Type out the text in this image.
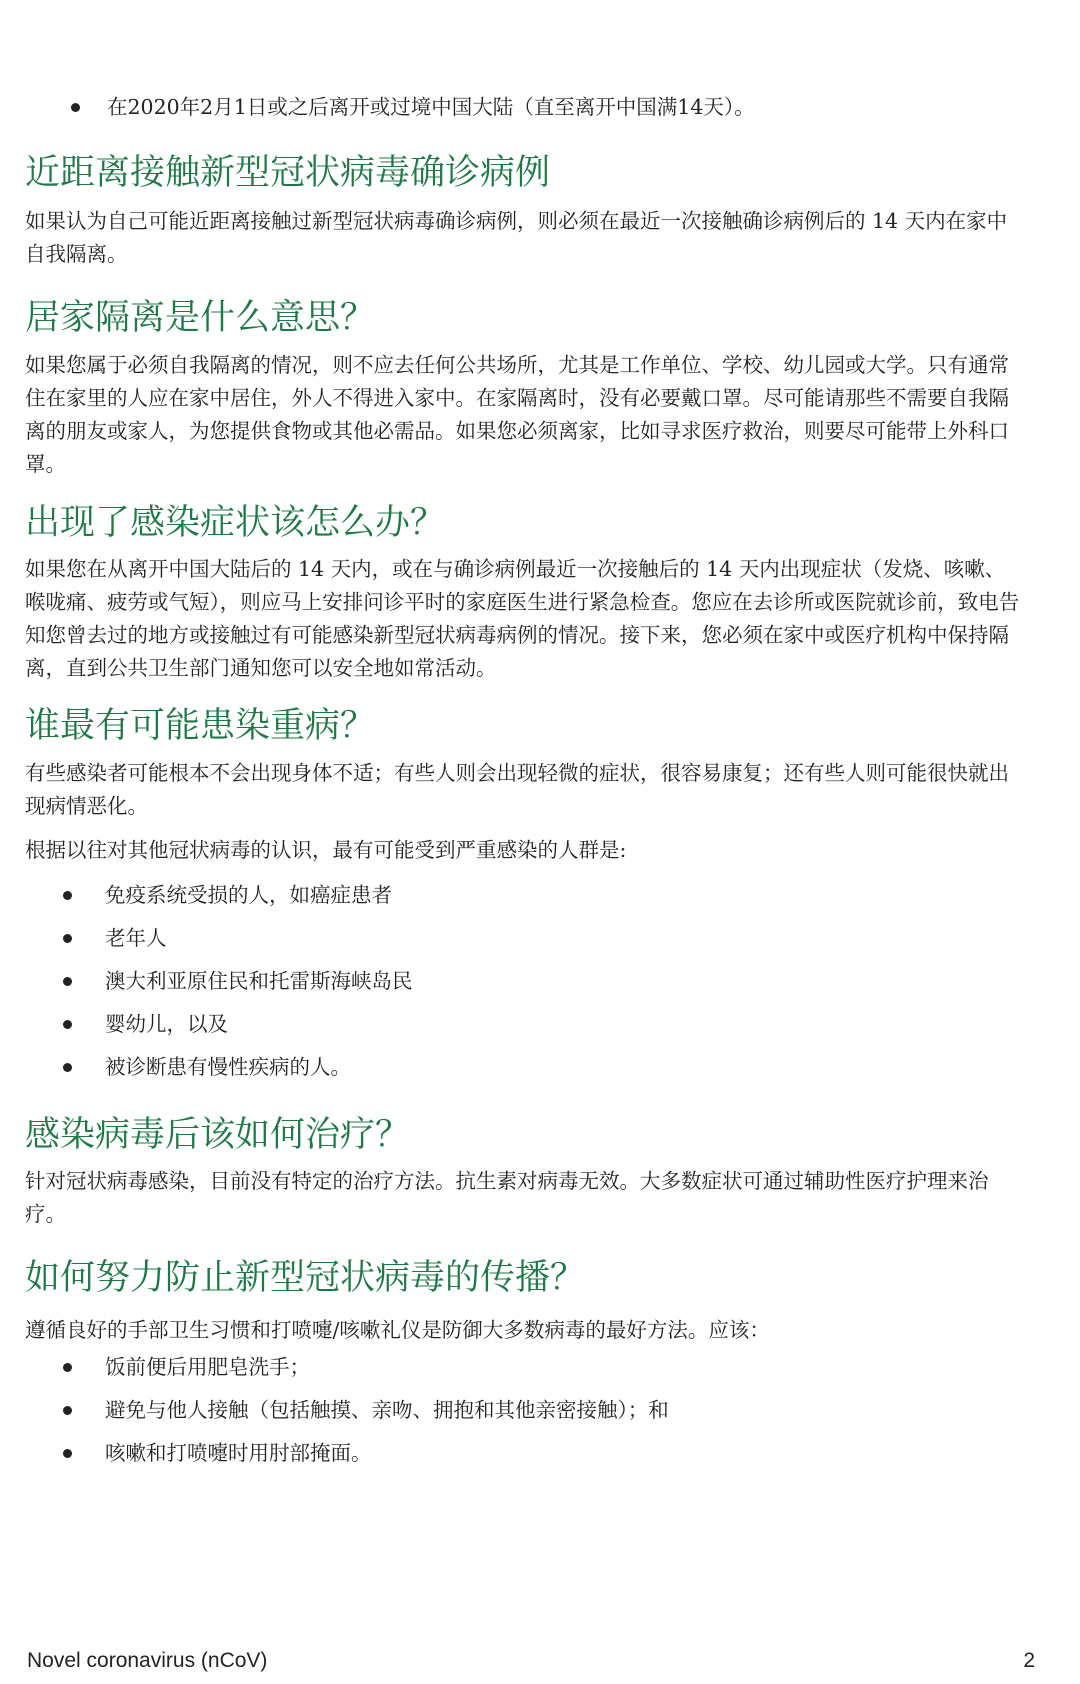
在2020年2月1日或之后离开或过境中国大陆（直至离开中国满14天）。
近距离接触新型冠状病毒确诊病例

如果认为自己可能近距离接触过新型冠状病毒确诊病例，则必须在最近一次接触确诊病例后的 14 天内在家中自我隔离。

居家隔离是什么意思？

如果您属于必须自我隔离的情况，则不应去任何公共场所，尤其是工作单位、学校、幼儿园或大学。只有通常住在家里的人应在家中居住，外人不得进入家中。在家隔离时，没有必要戴口罩。尽可能请那些不需要自我隔离的朋友或家人，为您提供食物或其他必需品。如果您必须离家，比如寻求医疗救治，则要尽可能带上外科口罩。

出现了感染症状该怎么办？

如果您在从离开中国大陆后的 14 天内，或在与确诊病例最近一次接触后的 14 天内出现症状（发烧、咳嗽、喉咙痛、疲劳或气短），则应马上安排问诊平时的家庭医生进行紧急检查。您应在去诊所或医院就诊前，致电告知您曾去过的地方或接触过有可能感染新型冠状病毒病例的情况。接下来，您必须在家中或医疗机构中保持隔离，直到公共卫生部门通知您可以安全地如常活动。

谁最有可能患染重病？

有些感染者可能根本不会出现身体不适；有些人则会出现轻微的症状，很容易康复；还有些人则可能很快就出现病情恶化。

根据以往对其他冠状病毒的认识，最有可能受到严重感染的人群是:

免疫系统受损的人，如癌症患者
老年人
澳大利亚原住民和托雷斯海峡岛民
婴幼儿，以及
被诊断患有慢性疾病的人。
感染病毒后该如何治疗？

针对冠状病毒感染，目前没有特定的治疗方法。抗生素对病毒无效。大多数症状可通过辅助性医疗护理来治疗。

如何努力防止新型冠状病毒的传播？

遵循良好的手部卫生习惯和打喷嚏/咳嗽礼仪是防御大多数病毒的最好方法。应该：

饭前便后用肥皂洗手；
避免与他人接触（包括触摸、亲吻、拥抱和其他亲密接触）；和
咳嗽和打喷嚏时用肘部掩面。
Novel coronavirus (nCoV)	2
